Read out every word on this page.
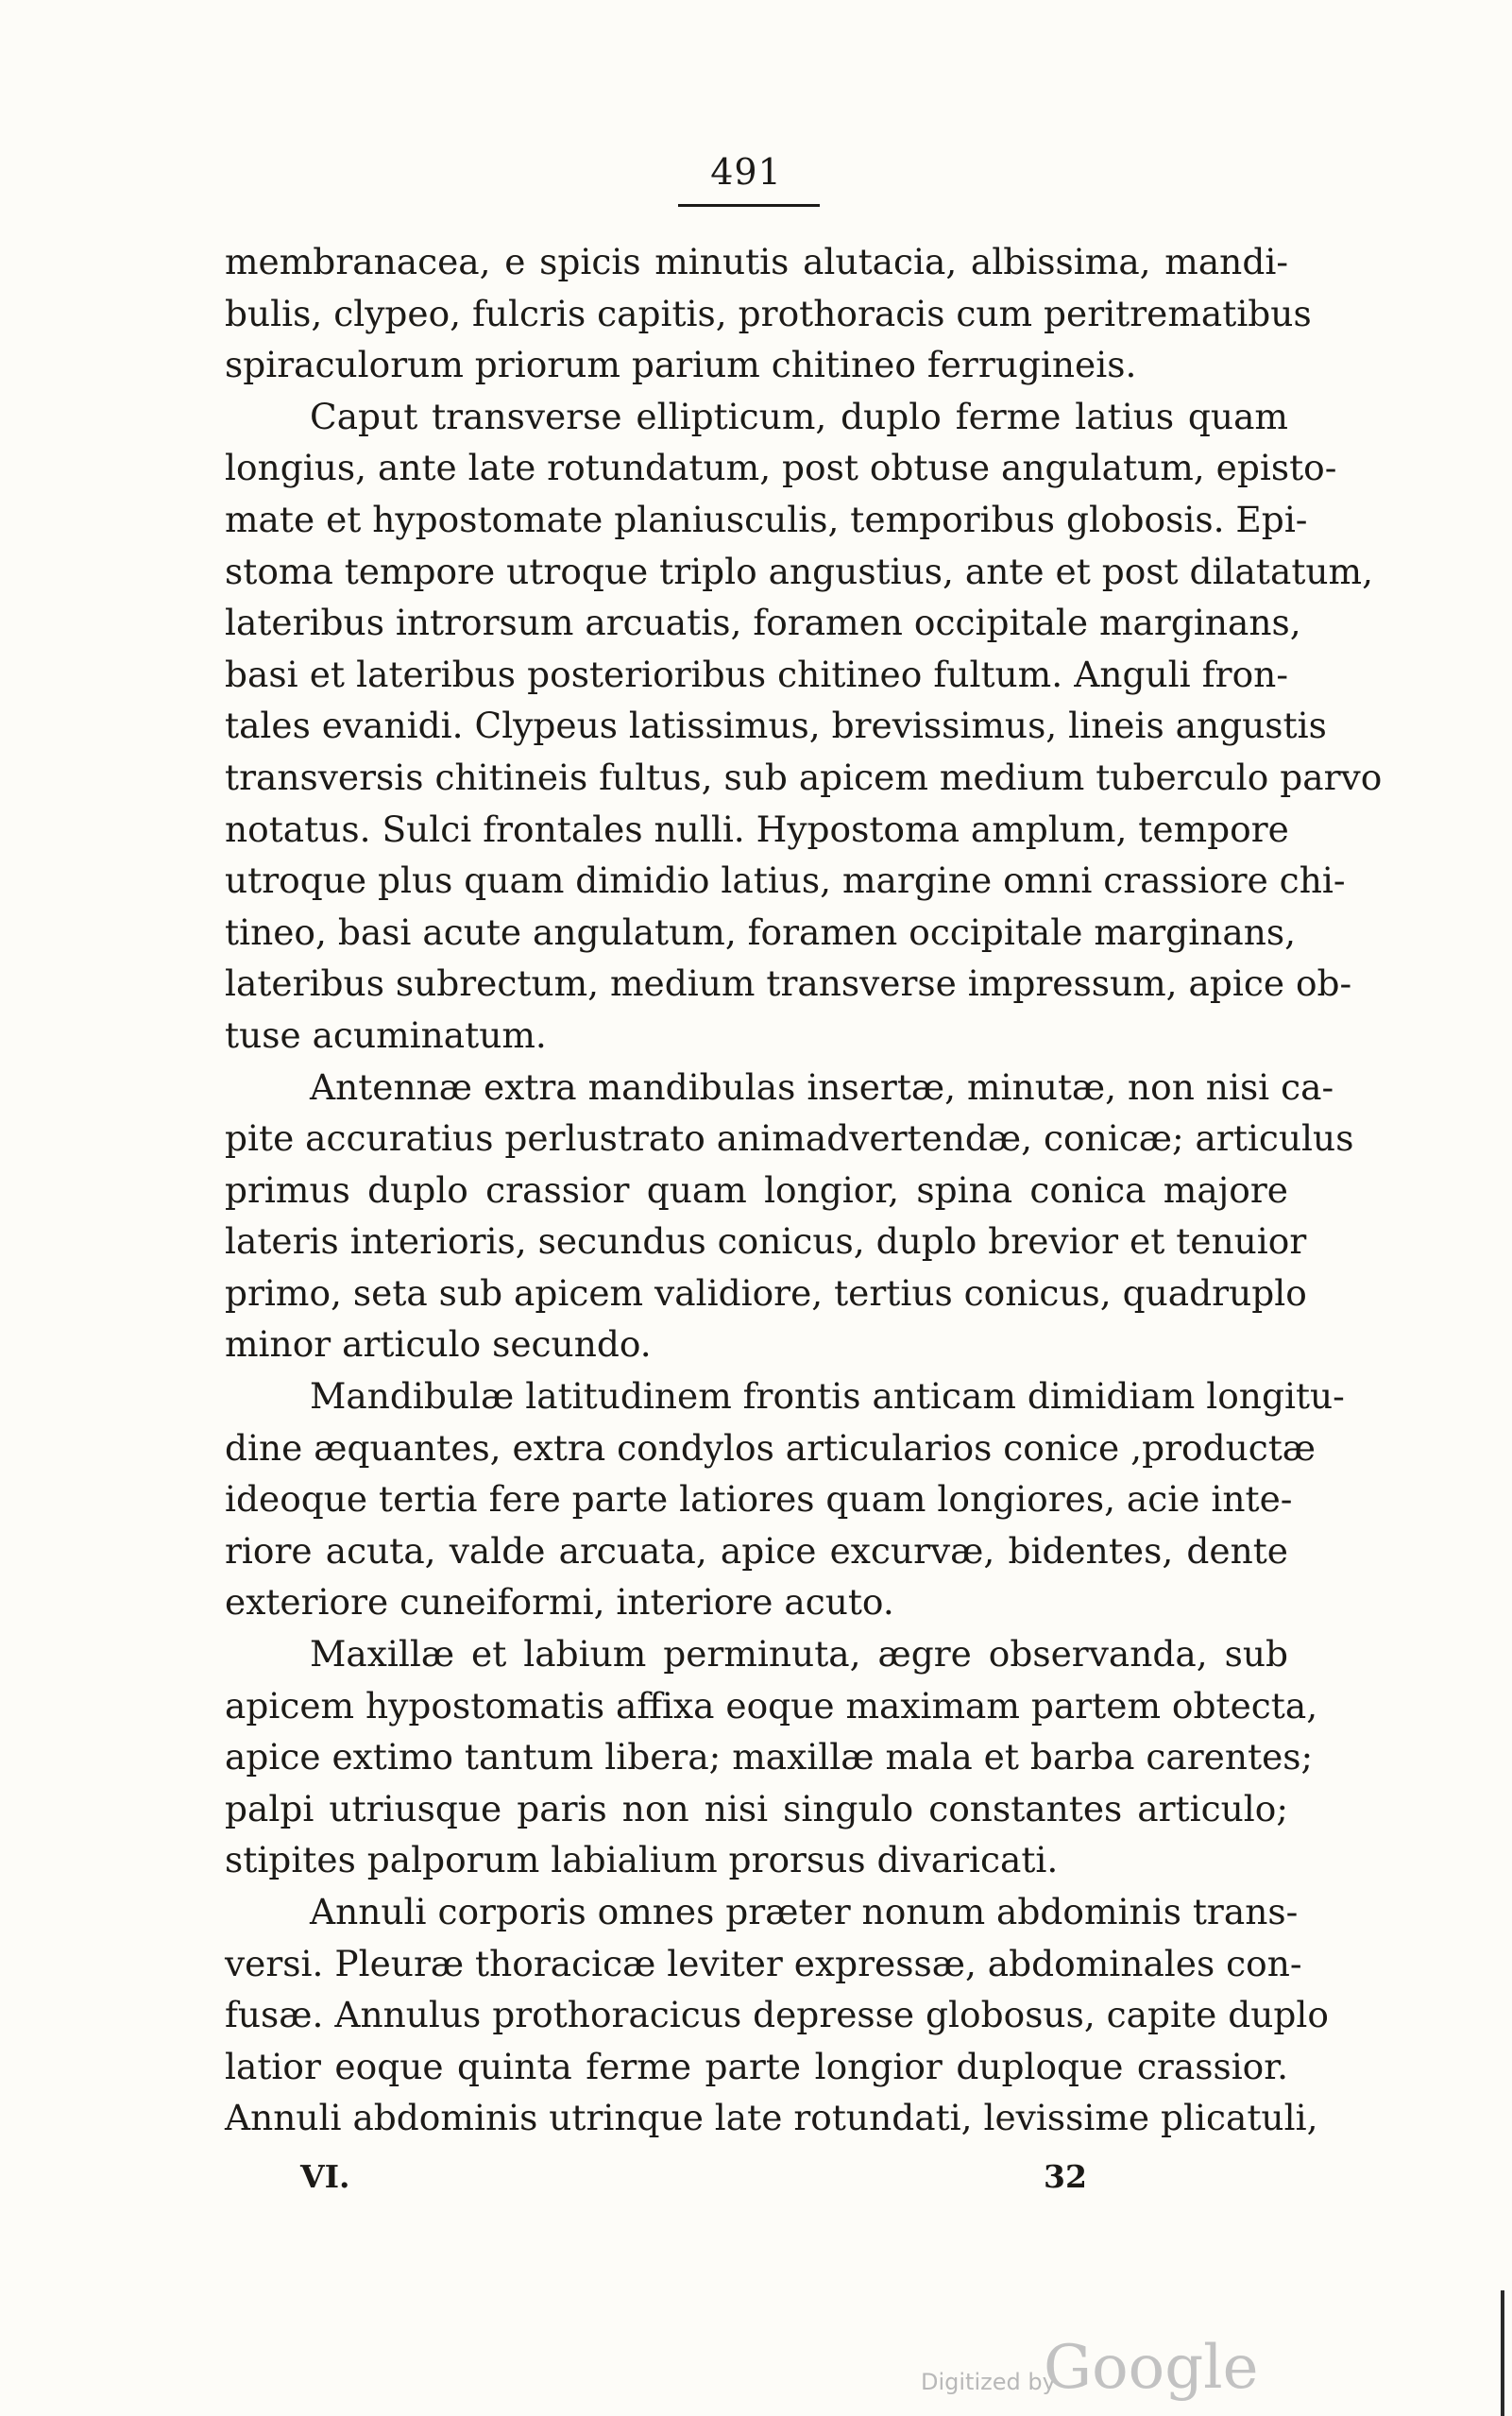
491
membranacea, e spicis minutis alutacia, albissima, mandi-
bulis, clypeo, fulcris capitis, prothoracis cum peritrematibus
spiraculorum priorum parium chitineo ferrugineis.
Caput transverse ellipticum, duplo ferme latius quam
longius, ante late rotundatum, post obtuse angulatum, episto-
mate et hypostomate planiusculis, temporibus globosis. Epi-
stoma tempore utroque triplo angustius, ante et post dilatatum,
lateribus introrsum arcuatis, foramen occipitale marginans,
basi et lateribus posterioribus chitineo fultum. Anguli fron-
tales evanidi. Clypeus latissimus, brevissimus, lineis angustis
transversis chitineis fultus, sub apicem medium tuberculo parvo
notatus. Sulci frontales nulli. Hypostoma amplum, tempore
utroque plus quam dimidio latius, margine omni crassiore chi-
tineo, basi acute angulatum, foramen occipitale marginans,
lateribus subrectum, medium transverse impressum, apice ob-
tuse acuminatum.
Antennæ extra mandibulas insertæ, minutæ, non nisi ca-
pite accuratius perlustrato animadvertendæ, conicæ; articulus
primus duplo crassior quam longior, spina conica majore
lateris interioris, secundus conicus, duplo brevior et tenuior
primo, seta sub apicem validiore, tertius conicus, quadruplo
minor articulo secundo.
Mandibulæ latitudinem frontis anticam dimidiam longitu-
dine æquantes, extra condylos articularios conice ,productæ
ideoque tertia fere parte latiores quam longiores, acie inte-
riore acuta, valde arcuata, apice excurvæ, bidentes, dente
exteriore cuneiformi, interiore acuto.
Maxillæ et labium perminuta, ægre observanda, sub
apicem hypostomatis affixa eoque maximam partem obtecta,
apice extimo tantum libera; maxillæ mala et barba carentes;
palpi utriusque paris non nisi singulo constantes articulo;
stipites palporum labialium prorsus divaricati.
Annuli corporis omnes præter nonum abdominis trans-
versi. Pleuræ thoracicæ leviter expressæ, abdominales con-
fusæ. Annulus prothoracicus depresse globosus, capite duplo
latior eoque quinta ferme parte longior duploque crassior.
Annuli abdominis utrinque late rotundati, levissime plicatuli,
VI.	32
Digitized by
Google
